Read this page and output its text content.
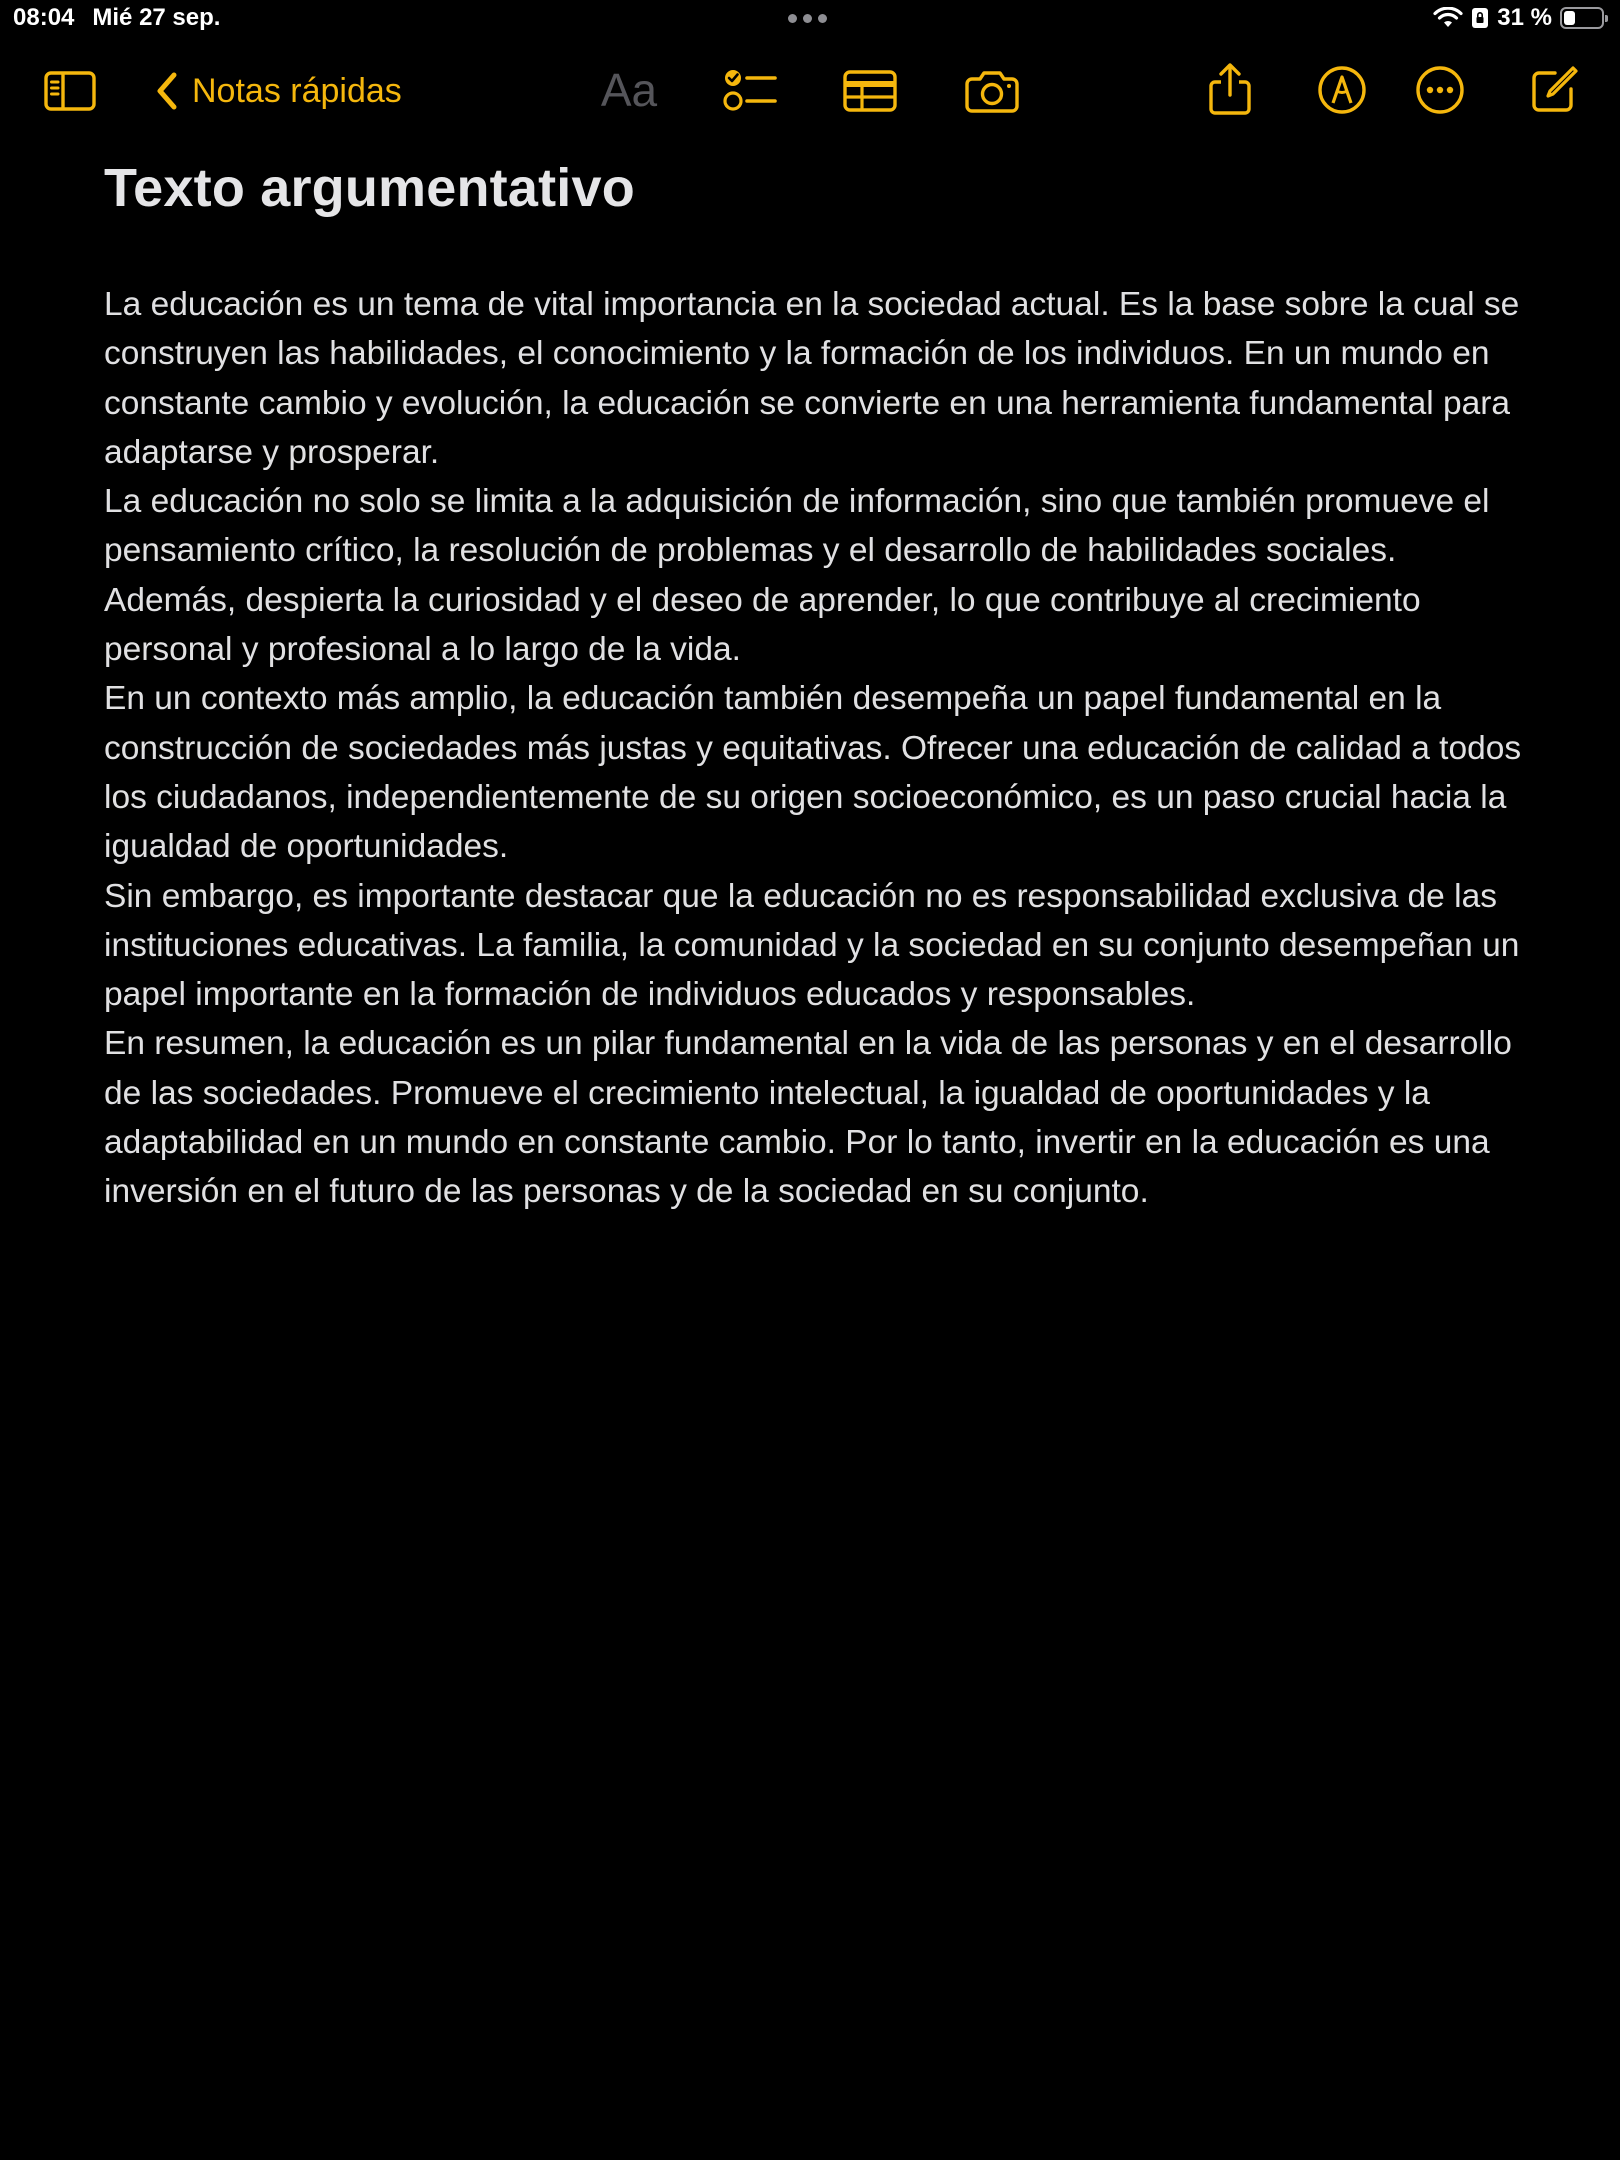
08:04 Mié 27 sep.	31 %
Notas rápidas	Aa
Texto argumentativo

La educación es un tema de vital importancia en la sociedad actual. Es la base sobre la cual se construyen las habilidades, el conocimiento y la formación de los individuos. En un mundo en constante cambio y evolución, la educación se convierte en una herramienta fundamental para adaptarse y prosperar.

La educación no solo se limita a la adquisición de información, sino que también promueve el pensamiento crítico, la resolución de problemas y el desarrollo de habilidades sociales. Además, despierta la curiosidad y el deseo de aprender, lo que contribuye al crecimiento personal y profesional a lo largo de la vida.

En un contexto más amplio, la educación también desempeña un papel fundamental en la construcción de sociedades más justas y equitativas. Ofrecer una educación de calidad a todos los ciudadanos, independientemente de su origen socioeconómico, es un paso crucial hacia la igualdad de oportunidades.

Sin embargo, es importante destacar que la educación no es responsabilidad exclusiva de las instituciones educativas. La familia, la comunidad y la sociedad en su conjunto desempeñan un papel importante en la formación de individuos educados y responsables.

En resumen, la educación es un pilar fundamental en la vida de las personas y en el desarrollo de las sociedades. Promueve el crecimiento intelectual, la igualdad de oportunidades y la adaptabilidad en un mundo en constante cambio. Por lo tanto, invertir en la educación es una inversión en el futuro de las personas y de la sociedad en su conjunto.
